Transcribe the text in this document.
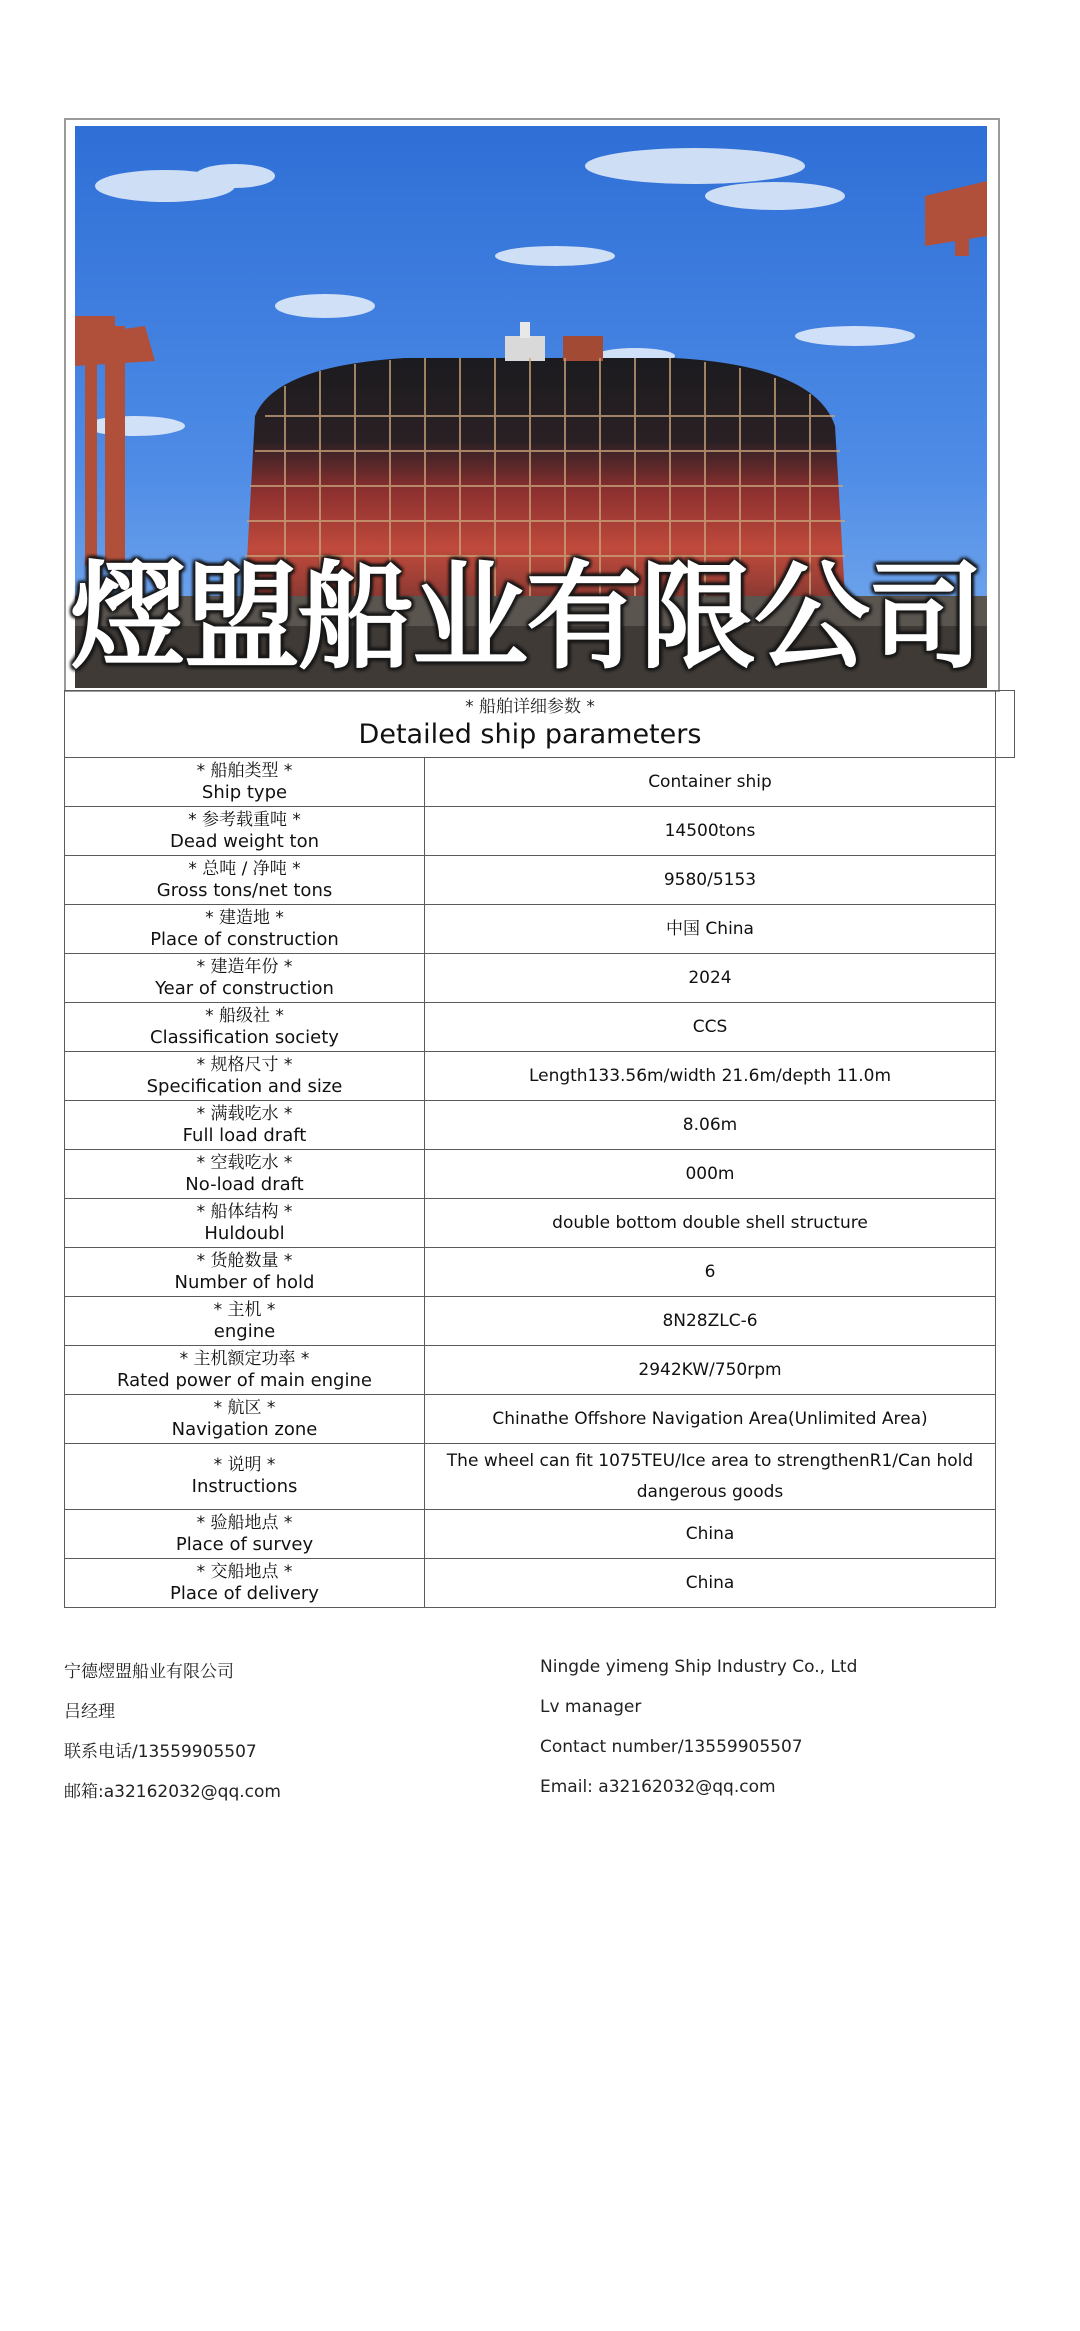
熤盟船业有限公司
* 船舶详细参数 *
Detailed ship parameters	

* 船舶类型 *
Ship type	Container ship

* 参考载重吨 *
Dead weight ton	14500tons

* 总吨 / 净吨 *
Gross tons/net tons	9580/5153

* 建造地 *
Place of construction	中国 China

* 建造年份 *
Year of construction	2024

* 船级社 *
Classification society	CCS

* 规格尺寸 *
Specification and size	Length133.56m/width 21.6m/depth 11.0m

* 满载吃水 *
Full load draft	8.06m

* 空载吃水 *
No-load draft	000m

* 船体结构 *
Huldoubl	double bottom double shell structure

* 货舱数量 *
Number of hold	6

* 主机 *
engine	8N28ZLC-6

* 主机额定功率 *
Rated power of main engine	2942KW/750rpm

* 航区 *
Navigation zone	Chinathe Offshore Navigation Area(Unlimited Area)

* 说明 *
Instructions	The wheel can fit 1075TEU/Ice area to strengthenR1/Can hold dangerous goods

* 验船地点 *
Place of survey	China

* 交船地点 *
Place of delivery	China
宁德熤盟船业有限公司	Ningde yimeng Ship Industry Co., Ltd
吕经理	Lv manager
联系电话/13559905507	Contact number/13559905507
邮箱:a32162032@qq.com	Email: a32162032@qq.com
